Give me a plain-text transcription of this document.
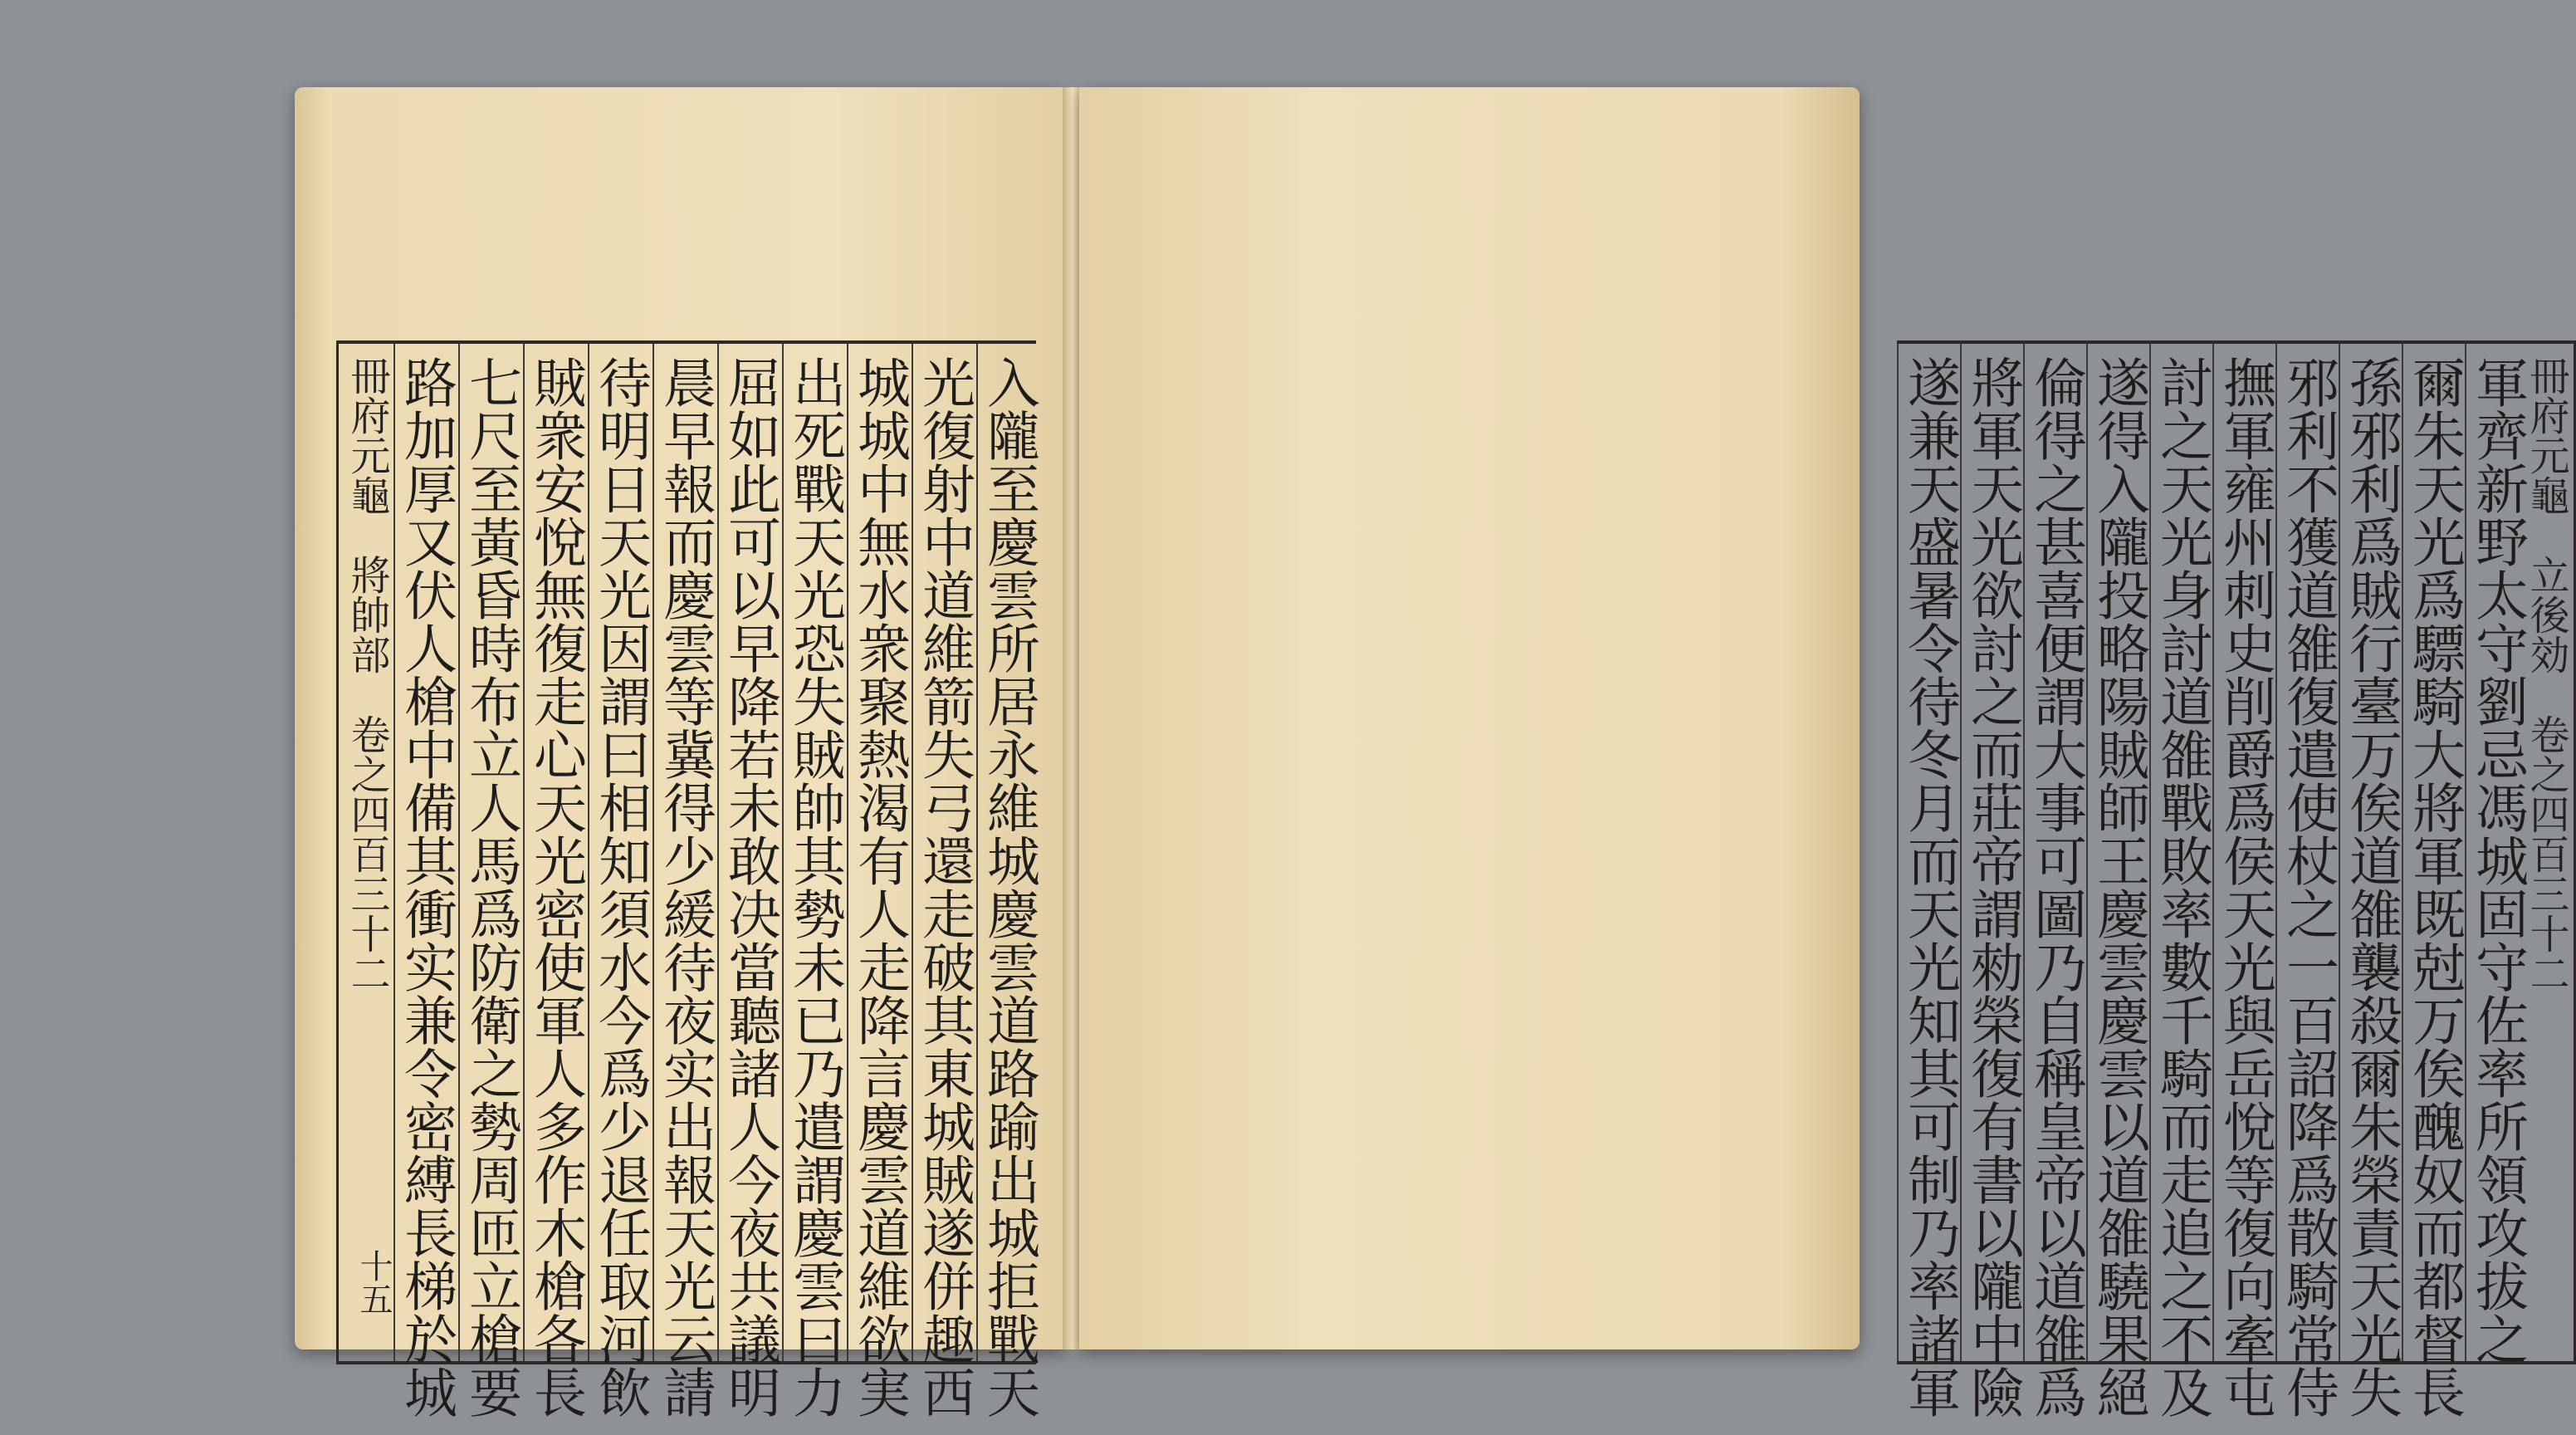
冊府元龜　將帥部　卷之四百三十二
十五 路加厚又伏人槍中備其衝实兼令密縛長梯於城 七尺至黃昏時布立人馬爲防衛之勢周匝立槍要 賊衆安悅無復走心天光密使軍人多作木槍各長 待明日天光因謂曰相知須水今爲少退任取河飲 晨早報而慶雲等冀得少緩待夜实出報天光云請 屈如此可以早降若未敢决當聽諸人今夜共議明 出死戰天光恐失賊帥其勢未已乃遣謂慶雲曰力 城城中無水衆聚熱渴有人走降言慶雲道維欲実 光復射中道維箭失弓還走破其東城賊遂併趣西 入隴至慶雲所居永維城慶雲道路踰出城拒戰天	遂兼天盛暑令待冬月而天光知其可制乃率諸軍 將軍天光欲討之而莊帝謂勑榮復有書以隴中險 倫得之甚喜便謂大事可圖乃自稱皇帝以道雒爲 遂得入隴投略陽賊師王慶雲慶雲以道雒驍果絕 討之天光身討道雒戰敗率數千騎而走追之不及 撫軍雍州刺史削爵爲侯天光與岳悅等復向牽屯 邪利不獲道雒復遣使杖之一百詔降爲散騎常侍 孫邪利爲賊行臺万俟道雒襲殺爾朱榮責天光失 爾朱天光爲驃騎大將軍既尅万俟醜奴而都督長 軍齊新野太守劉忌馮城固守佐率所領攻拔之
冊府元龜　立後効　卷之四百三十二
